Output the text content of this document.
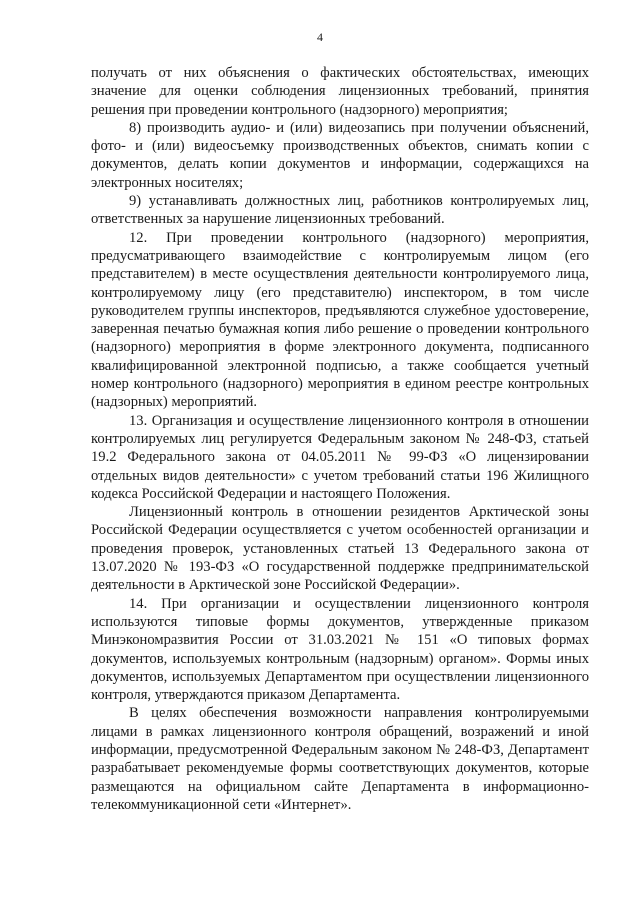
4

получать от них объяснения о фактических обстоятельствах, имеющих значение для оценки соблюдения лицензионных требований, принятия решения при проведении контрольного (надзорного) мероприятия;

8) производить аудио- и (или) видеозапись при получении объяснений, фото- и (или) видеосъемку производственных объектов, снимать копии с документов, делать копии документов и информации, содержащихся на электронных носителях;

9) устанавливать должностных лиц, работников контролируемых лиц, ответственных за нарушение лицензионных требований.

12. При проведении контрольного (надзорного) мероприятия, предусматривающего взаимодействие с контролируемым лицом (его представителем) в месте осуществления деятельности контролируемого лица, контролируемому лицу (его представителю) инспектором, в том числе руководителем группы инспекторов, предъявляются служебное удостоверение, заверенная печатью бумажная копия либо решение о проведении контрольного (надзорного) мероприятия в форме электронного документа, подписанного квалифицированной электронной подписью, а также сообщается учетный номер контрольного (надзорного) мероприятия в едином реестре контрольных (надзорных) мероприятий.

13. Организация и осуществление лицензионного контроля в отношении контролируемых лиц регулируется Федеральным законом № 248-ФЗ, статьей 19.2 Федерального закона от 04.05.2011 № 99-ФЗ «О лицензировании отдельных видов деятельности» с учетом требований статьи 196 Жилищного кодекса Российской Федерации и настоящего Положения.

Лицензионный контроль в отношении резидентов Арктической зоны Российской Федерации осуществляется с учетом особенностей организации и проведения проверок, установленных статьей 13 Федерального закона от 13.07.2020 № 193-ФЗ «О государственной поддержке предпринимательской деятельности в Арктической зоне Российской Федерации».

14. При организации и осуществлении лицензионного контроля используются типовые формы документов, утвержденные приказом Минэкономразвития России от 31.03.2021 № 151 «О типовых формах документов, используемых контрольным (надзорным) органом». Формы иных документов, используемых Департаментом при осуществлении лицензионного контроля, утверждаются приказом Департамента.

В целях обеспечения возможности направления контролируемыми лицами в рамках лицензионного контроля обращений, возражений и иной информации, предусмотренной Федеральным законом № 248-ФЗ, Департамент разрабатывает рекомендуемые формы соответствующих документов, которые размещаются на официальном сайте Департамента в информационно-телекоммуникационной сети «Интернет».
